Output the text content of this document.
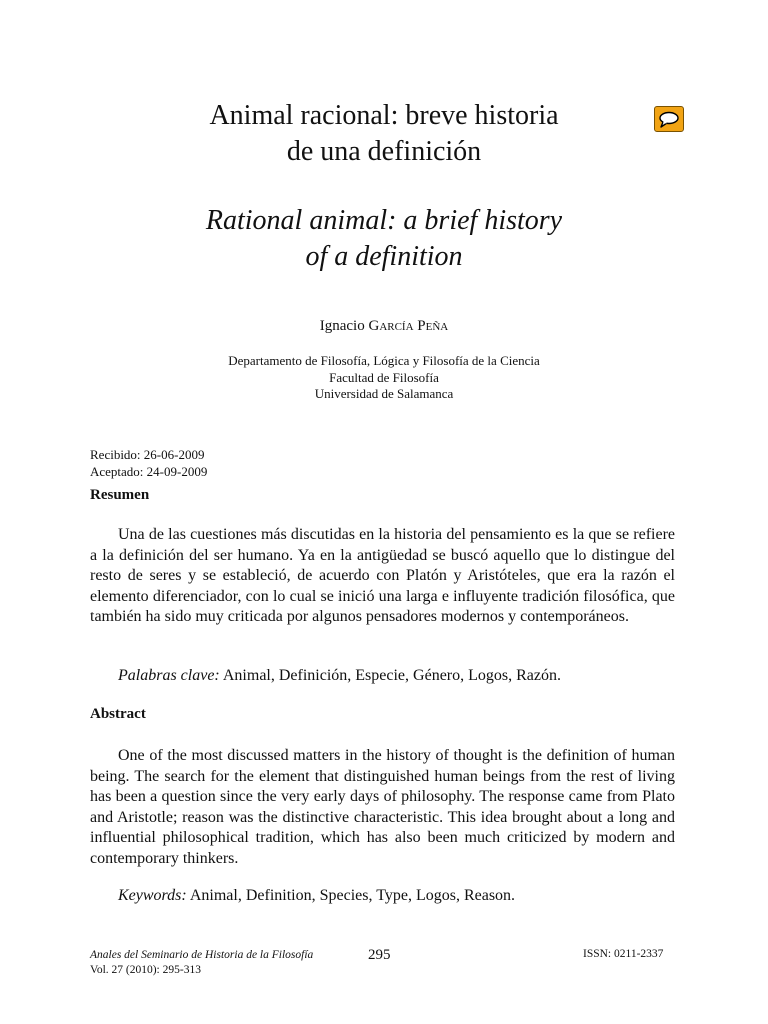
Animal racional: breve historia
de una definición
Rational animal: a brief history
of a definition
Ignacio García Peña
Departamento de Filosofía, Lógica y Filosofía de la Ciencia
Facultad de Filosofía
Universidad de Salamanca
Recibido: 26-06-2009
Aceptado: 24-09-2009
Resumen
Una de las cuestiones más discutidas en la historia del pensamiento es la que se refiere a la definición del ser humano. Ya en la antigüedad se buscó aquello que lo distingue del resto de seres y se estableció, de acuerdo con Platón y Aristóteles, que era la razón el elemento diferenciador, con lo cual se inició una larga e influyente tradición filosófica, que también ha sido muy criticada por algunos pensadores modernos y contemporáneos.
Palabras clave: Animal, Definición, Especie, Género, Logos, Razón.
Abstract
One of the most discussed matters in the history of thought is the definition of human being. The search for the element that distinguished human beings from the rest of living has been a question since the very early days of philosophy. The response came from Plato and Aristotle; reason was the distinctive characteristic. This idea brought about a long and influential philosophical tradition, which has also been much criticized by modern and contemporary thinkers.
Keywords: Animal, Definition, Species, Type, Logos, Reason.
Anales del Seminario de Historia de la Filosofía
Vol. 27 (2010): 295-313
295	ISSN: 0211-2337
